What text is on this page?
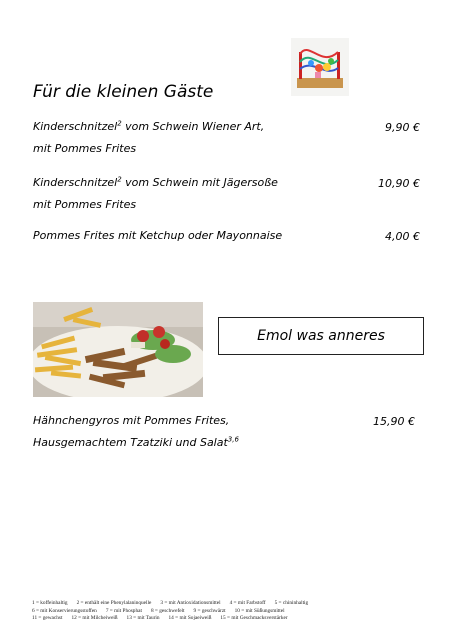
Für die kleinen Gäste
Kinderschnitzel$^2$ vom Schwein Wiener Art,
mit Pommes Frites
9,90 €
Kinderschnitzel$^2$ vom Schwein mit Jägersoße
mit Pommes Frites
10,90 €
Pommes Frites mit Ketchup oder Mayonnaise	4,00 €
Emol was anneres
Hähnchengyros mit Pommes Frites,
Hausgemachtem Tzatziki und Salat$^{3,6}$
15,90 €
1 = koffeinhaltig 2 = enthält eine Phenylalaninquelle 3 = mit Antioxidationsmittel 4 = mit Farbstoff 5 = chininhaltig
6 = mit Konservierungsstoffen 7 = mit Phosphat 8 = geschwefelt 9 = geschwärzt 10 = mit Süßungsmittel
11 = gewachst 12 = mit Milcheiweiß 13 = mit Taurin 14 = mit Sojaeiweiß 15 = mit Geschmacksverstärker
